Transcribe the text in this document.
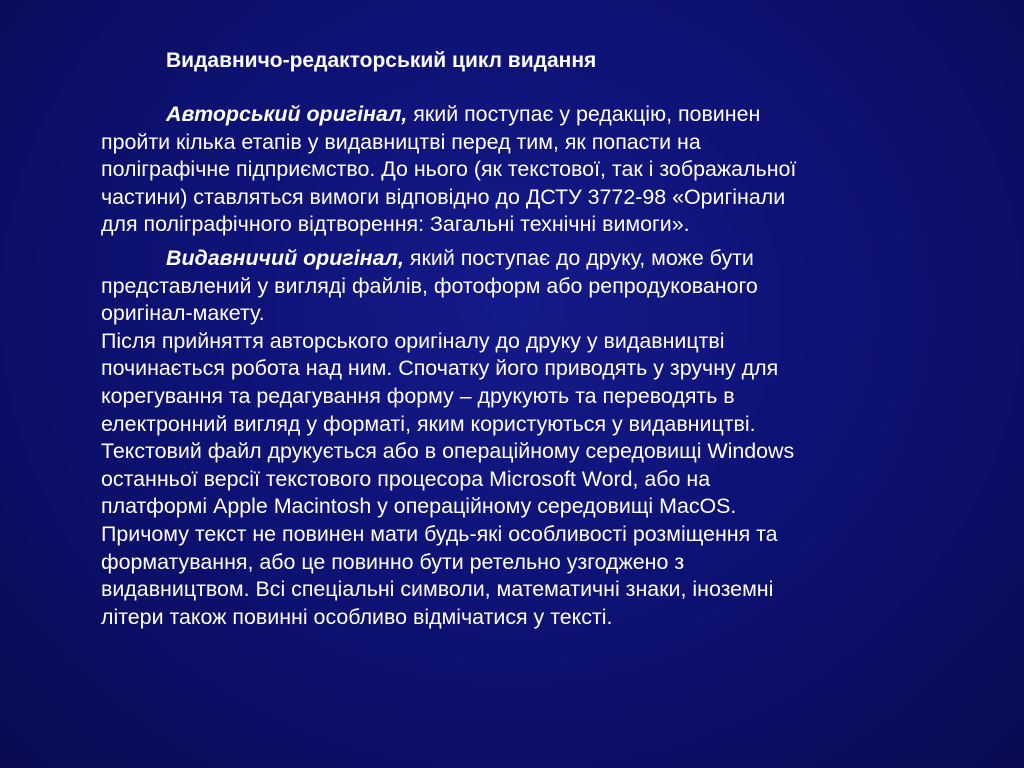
Видавничо-редакторський цикл видання

Авторський оригінал, який поступає у редакцію, повинен
пройти кілька етапів у видавництві перед тим, як попасти на
поліграфічне підприємство. До нього (як текстової, так і зображальної
частини) ставляться вимоги відповідно до ДСТУ 3772-98 «Оригінали
для поліграфічного відтворення: Загальні технічні вимоги».

Видавничий оригінал, який поступає до друку, може бути
представлений у вигляді файлів, фотоформ або репродукованого
оригінал-макету.
Після прийняття авторського оригіналу до друку у видавництві
починається робота над ним. Спочатку його приводять у зручну для
корегування та редагування форму – друкують та переводять в
електронний вигляд у форматі, яким користуються у видавництві.
Текстовий файл друкується або в операційному середовищі Windows
останньої версії текстового процесора Microsoft Word, або на
платформі Apple Macintosh у операційному середовищі MacOS.
Причому текст не повинен мати будь-які особливості розміщення та
форматування, або це повинно бути ретельно узгоджено з
видавництвом. Всі спеціальні символи, математичні знаки, іноземні
літери також повинні особливо відмічатися у тексті.
